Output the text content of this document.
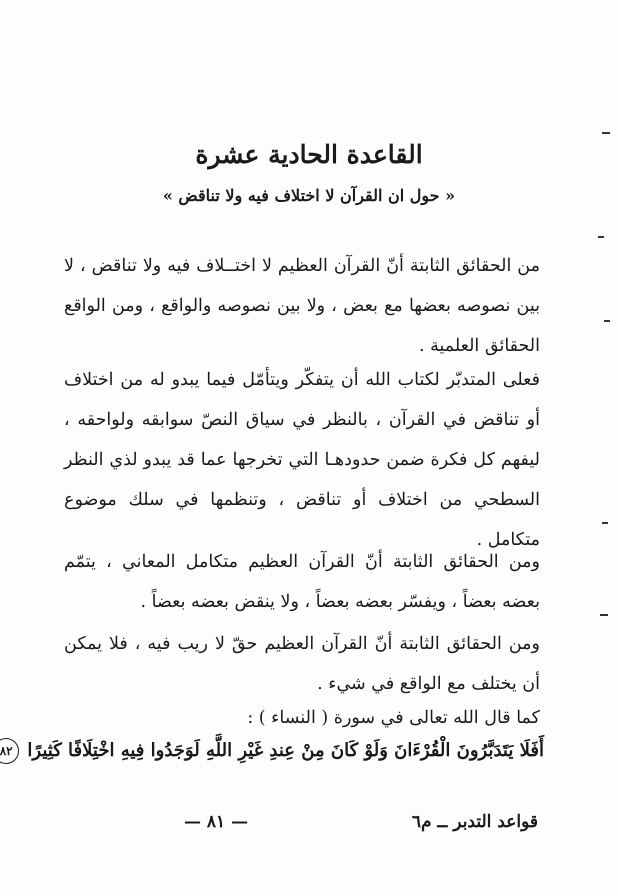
القاعدة الحادية عشرة
« حول ان القرآن لا اختلاف فيه ولا تناقض »

من الحقائق الثابتة أنّ القرآن العظيم لا اختــلاف فيه ولا تناقض ، لا بين نصوصه بعضها مع بعض ، ولا بين نصوصه والواقع ، ومن الواقع الحقائق العلمية .

فعلى المتدبّر لكتاب الله أن يتفكّر ويتأمّل فيما يبدو له من اختلاف أو تناقض في القرآن ، بالنظر في سياق النصّ سوابقه ولواحقه ، ليفهم كل فكرة ضمن حدودهـا التي تخرجها عما قد يبدو لذي النظر السطحي من اختلاف أو تناقض ، وتنظمها في سلك موضوع متكامل .

ومن الحقائق الثابتة أنّ القرآن العظيم متكامل المعاني ، يتمّم بعضه بعضاً ، ويفسّر بعضه بعضاً ، ولا ينقض بعضه بعضاً .

ومن الحقائق الثابتة أنّ القرآن العظيم حقّ لا ريب فيه ، فلا يمكن أن يختلف مع الواقع في شيء .

كما قال الله تعالى في سورة ( النساء ) :

أَفَلَا يَتَدَبَّرُونَ الْقُرْءَانَ وَلَوْ كَانَ مِنْ عِندِ غَيْرِ اللَّهِ لَوَجَدُوا فِيهِ اخْتِلَافًا كَثِيرًا ٨٢
قواعد التدبر ــ م٦
— ٨١ —
